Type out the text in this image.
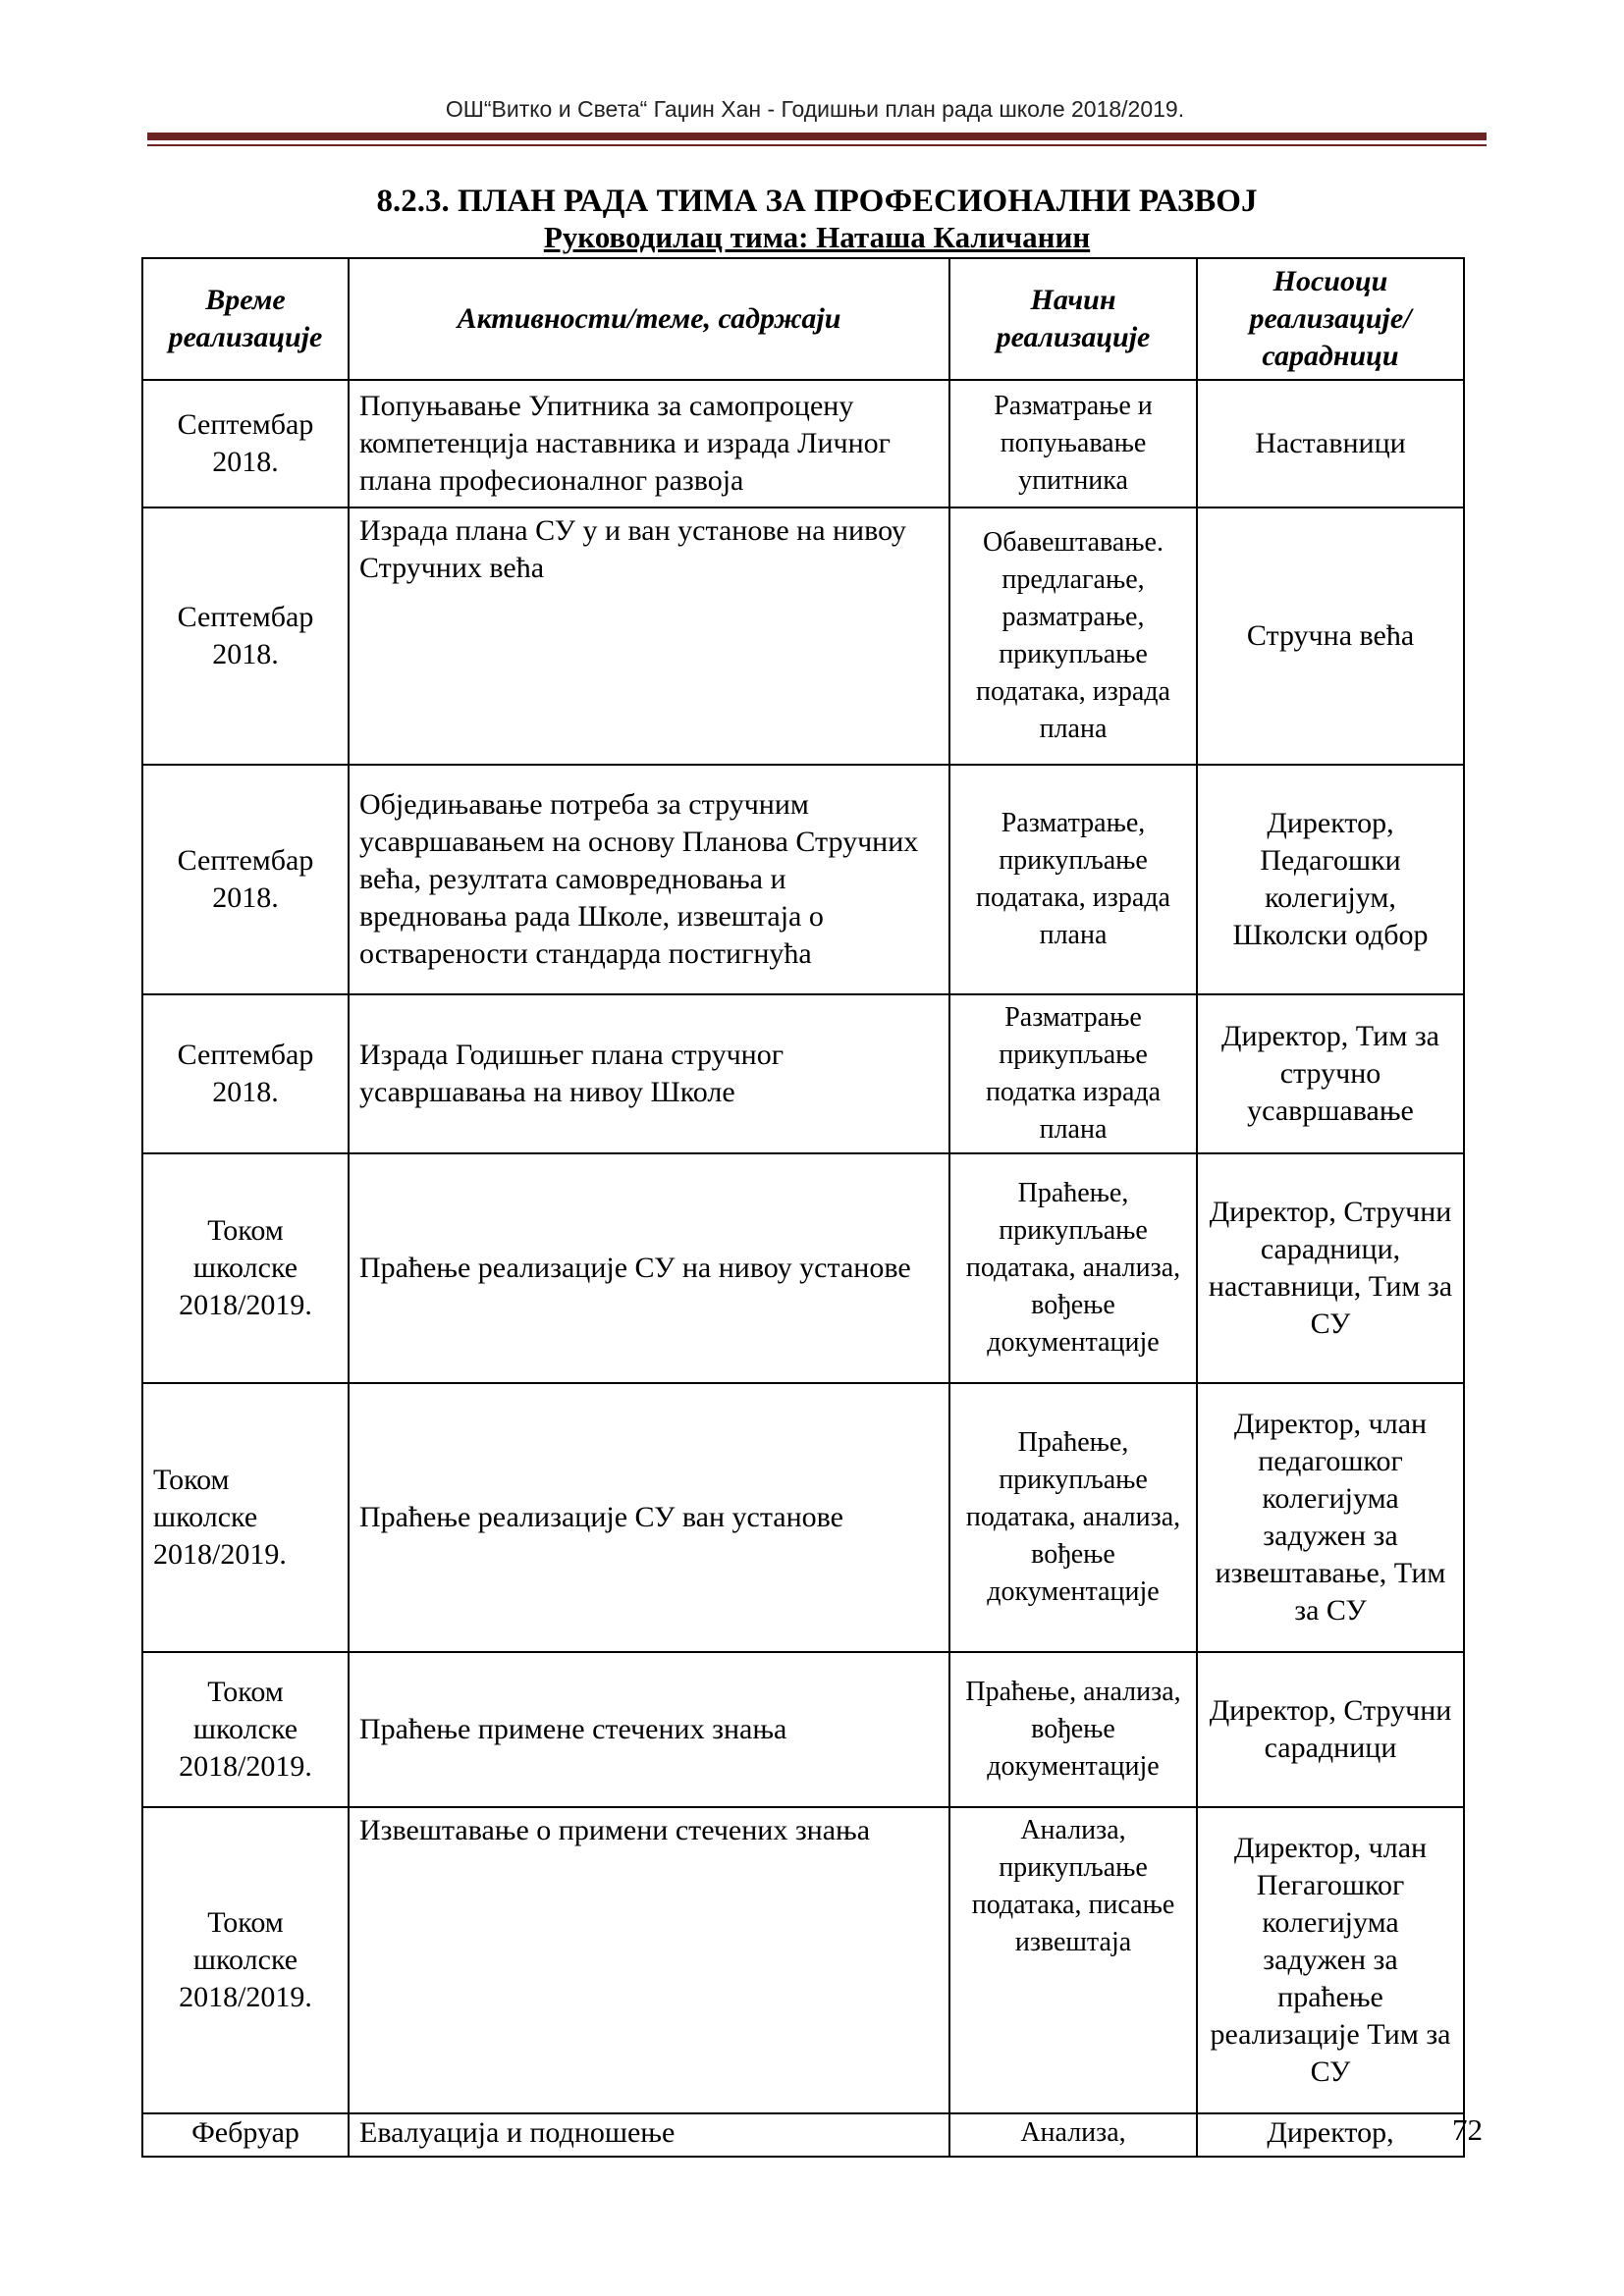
ОШ“Витко и Света“ Гаџин Хан - Годишњи план рада школе 2018/2019.
8.2.3. ПЛАН РАДА ТИМА ЗА ПРОФЕСИОНАЛНИ РАЗВОЈ
Руководилац тима: Наташа Каличанин
Време реализације	Активности/теме, садржаји	Начин реализације	Носиоци реализације/ сарадници
Септембар 2018.	Попуњавање Упитника за самопроцену компетенција наставника и израда Личног плана професионалног развоја	Разматрање и попуњавање упитника	Наставници
Септембар 2018.	Израда плана СУ у и ван установе на нивоу Стручних већа	Обавештавање. предлагање, разматрање, прикупљање података, израда плана	Стручна већа
Септембар 2018.	Обједињавање потреба за стручним усавршавањем на основу Планова Стручних већа, резултата самовредновања и вредновања рада Школе, извештаја о остварености стандарда постигнућа	Разматрање, прикупљање података, израда плана	Директор, Педагошки колегијум, Школски одбор
Септембар 2018.	Израда Годишњег плана стручног усавршавања на нивоу Школе	Разматрање прикупљање податка израда плана	Директор, Тим за стручно усавршавање
Током школске 2018/2019.	Праћење реализације СУ на нивоу установе	Праћење, прикупљање података, анализа, вођење документације	Директор, Стручни сарадници, наставници, Тим за СУ
Током школске 2018/2019.	Праћење реализације СУ ван установе	Праћење, прикупљање података, анализа, вођење документације	Директор, члан педагошког колегијума задужен за извештавање, Тим за СУ
Током школске 2018/2019.	Праћење примене стечених знања	Праћење, анализа, вођење документације	Директор, Стручни сарадници
Током школске 2018/2019.	Извештавање о примени стечених знања	Анализа, прикупљање података, писање извештаја	Директор, члан Пегагошког колегијума задужен за праћење реализације Тим за СУ
Фебруар	Евалуација и подношење	Анализа,	Директор, 72
